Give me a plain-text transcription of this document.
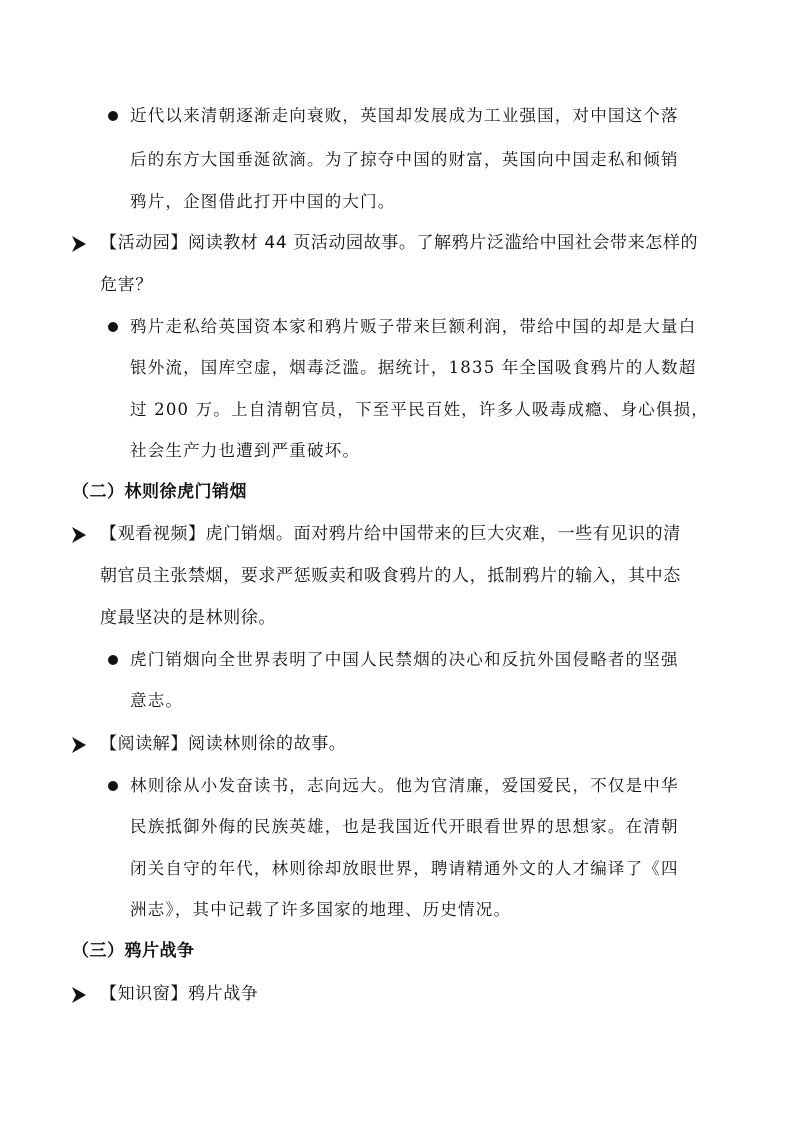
近代以来清朝逐渐走向衰败，英国却发展成为工业强国，对中国这个落
后的东方大国垂涎欲滴。为了掠夺中国的财富，英国向中国走私和倾销
鸦片，企图借此打开中国的大门。
【活动园】阅读教材 44 页活动园故事。了解鸦片泛滥给中国社会带来怎样的
危害？
鸦片走私给英国资本家和鸦片贩子带来巨额利润，带给中国的却是大量白
银外流，国库空虚，烟毒泛滥。据统计，1835 年全国吸食鸦片的人数超
过 200 万。上自清朝官员，下至平民百姓，许多人吸毒成瘾、身心俱损，
社会生产力也遭到严重破坏。
（二）林则徐虎门销烟
【观看视频】虎门销烟。面对鸦片给中国带来的巨大灾难，一些有见识的清
朝官员主张禁烟，要求严惩贩卖和吸食鸦片的人，抵制鸦片的输入，其中态
度最坚决的是林则徐。
虎门销烟向全世界表明了中国人民禁烟的决心和反抗外国侵略者的坚强
意志。
【阅读解】阅读林则徐的故事。
林则徐从小发奋读书，志向远大。他为官清廉，爱国爱民，不仅是中华
民族抵御外侮的民族英雄，也是我国近代开眼看世界的思想家。在清朝
闭关自守的年代，林则徐却放眼世界，聘请精通外文的人才编译了《四
洲志》，其中记载了许多国家的地理、历史情况。
（三）鸦片战争
【知识窗】鸦片战争
